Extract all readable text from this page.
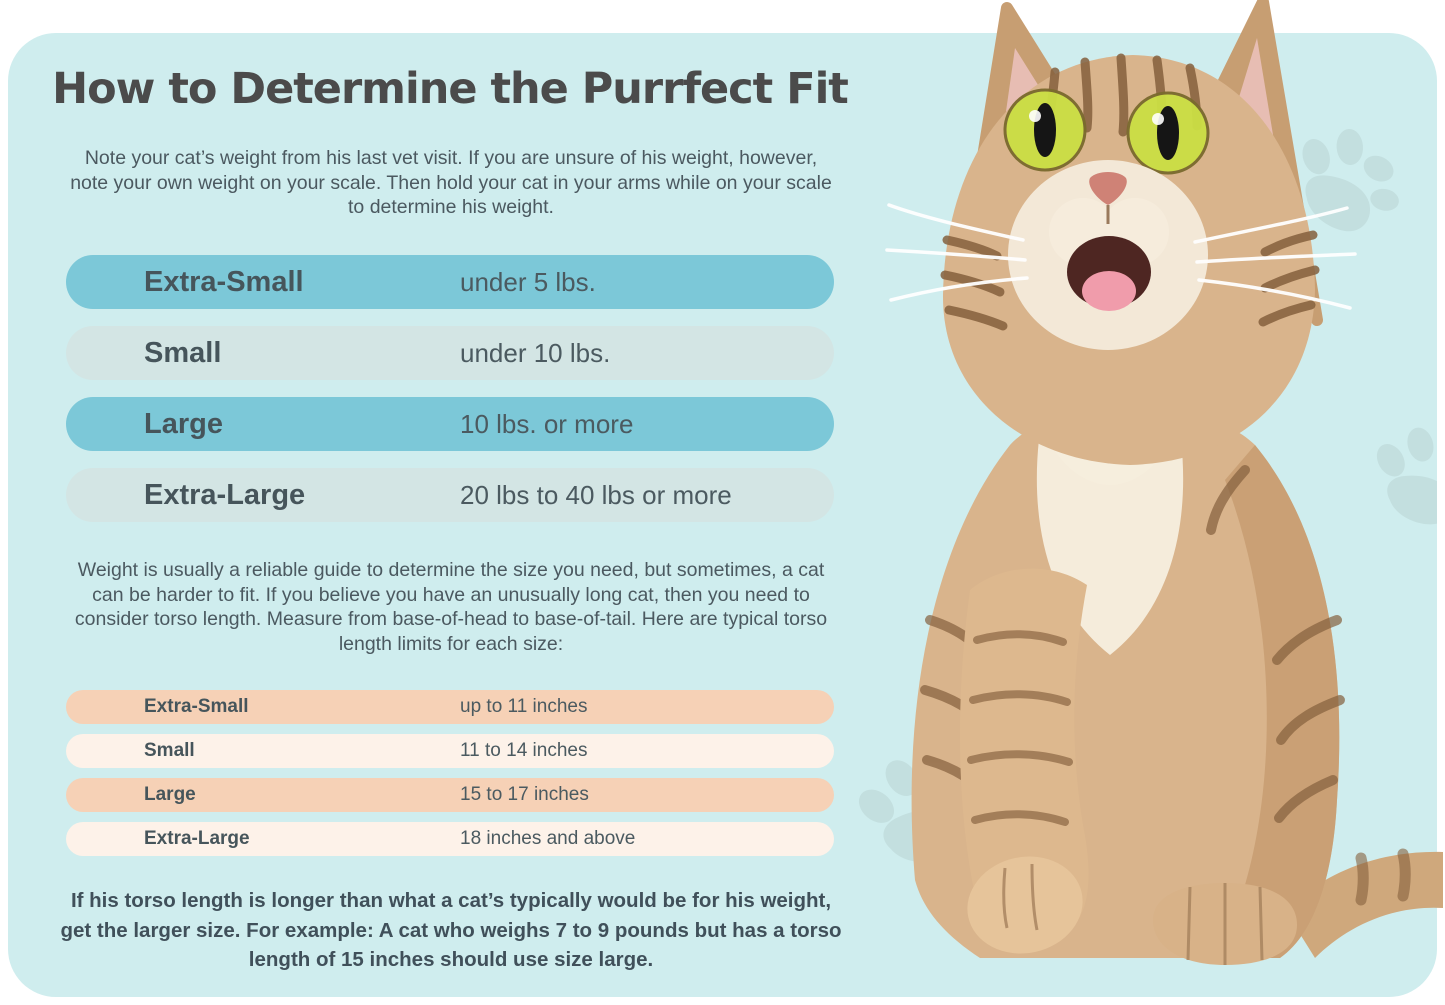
How to Determine the Purrfect Fit
Note your cat’s weight from his last vet visit. If you are unsure of his weight, however, note your own weight on your scale. Then hold your cat in your arms while on your scale to determine his weight.
Extra-Small	under 5 lbs.
Small	under 10 lbs.
Large	10 lbs. or more
Extra-Large	20 lbs to 40 lbs or more
Weight is usually a reliable guide to determine the size you need, but sometimes, a cat can be harder to fit. If you believe you have an unusually long cat, then you need to consider torso length. Measure from base-of-head to base-of-tail. Here are typical torso length limits for each size:
Extra-Small	up to 11 inches
Small	11 to 14 inches
Large	15 to 17 inches
Extra-Large	18 inches and above
If his torso length is longer than what a cat’s typically would be for his weight, get the larger size. For example: A cat who weighs 7 to 9 pounds but has a torso length of 15 inches should use size large.
